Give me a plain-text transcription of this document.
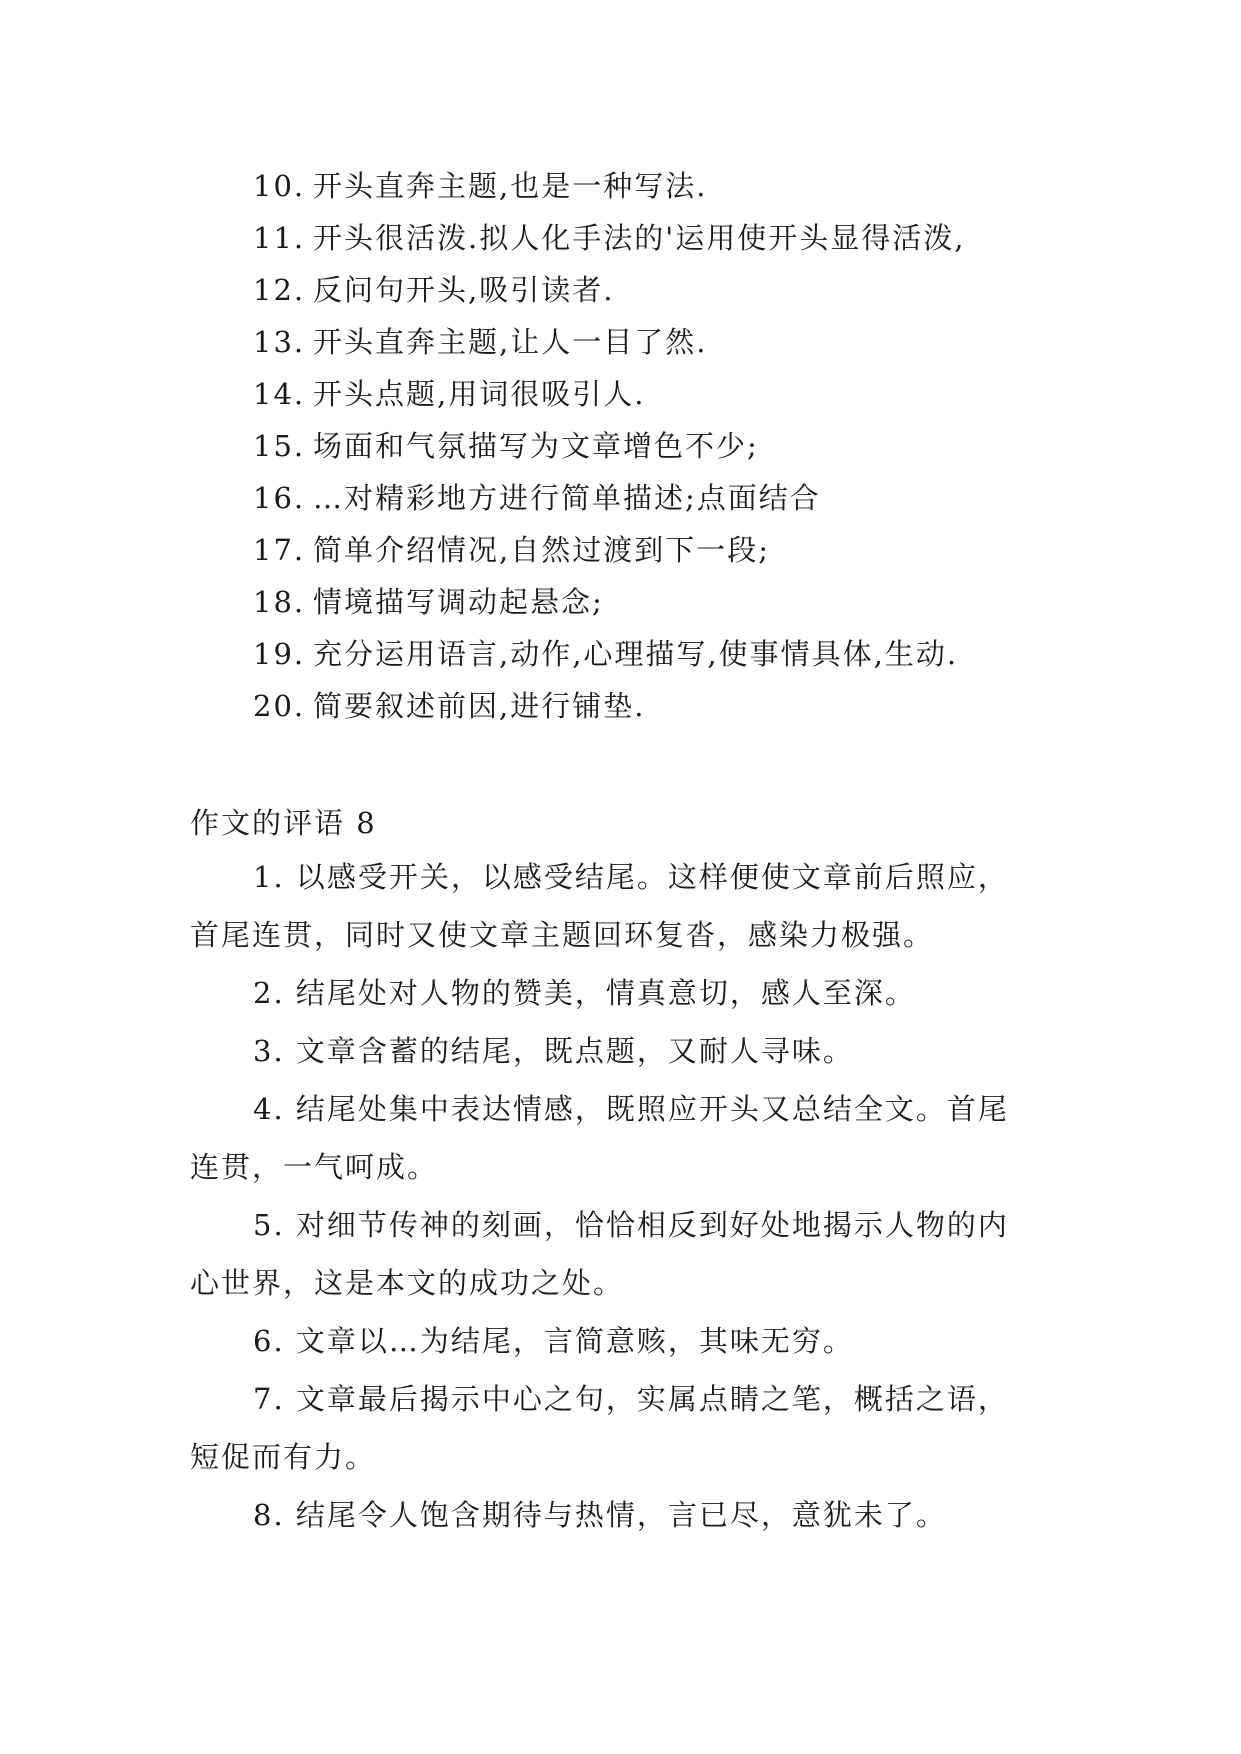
10. 开头直奔主题,也是一种写法.
11. 开头很活泼.拟人化手法的'运用使开头显得活泼,
12. 反问句开头,吸引读者.
13. 开头直奔主题,让人一目了然.
14. 开头点题,用词很吸引人.
15. 场面和气氛描写为文章增色不少;
16. …对精彩地方进行简单描述;点面结合
17. 简单介绍情况,自然过渡到下一段;
18. 情境描写调动起悬念;
19. 充分运用语言,动作,心理描写,使事情具体,生动.
20. 简要叙述前因,进行铺垫.
作文的评语 8
1. 以感受开关，以感受结尾。这样便使文章前后照应，
首尾连贯，同时又使文章主题回环复沓，感染力极强。
2. 结尾处对人物的赞美，情真意切，感人至深。
3. 文章含蓄的结尾，既点题，又耐人寻味。
4. 结尾处集中表达情感，既照应开头又总结全文。首尾
连贯，一气呵成。
5. 对细节传神的刻画，恰恰相反到好处地揭示人物的内
心世界，这是本文的成功之处。
6. 文章以…为结尾，言简意赅，其味无穷。
7. 文章最后揭示中心之句，实属点睛之笔，概括之语，
短促而有力。
8. 结尾令人饱含期待与热情，言已尽，意犹未了。
